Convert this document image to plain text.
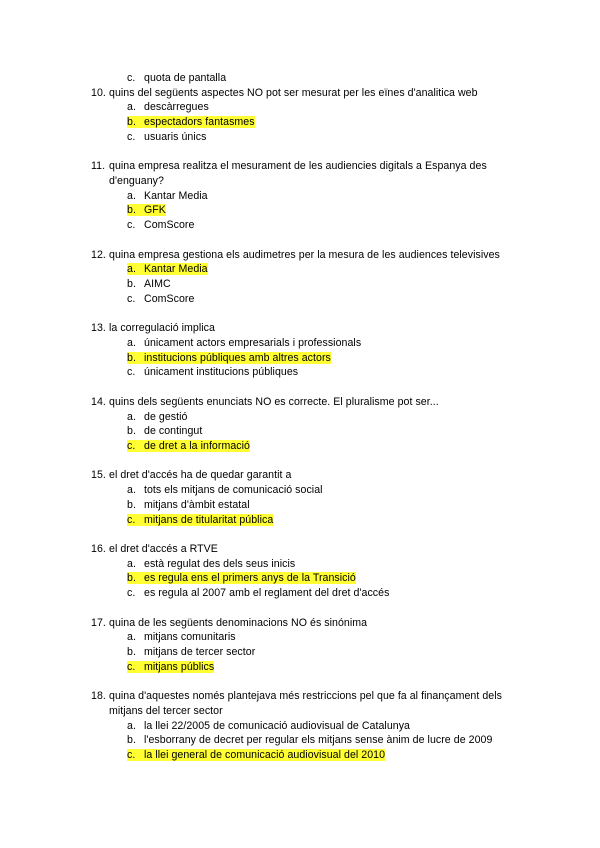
c. quota de pantalla
10. quins del següents aspectes NO pot ser mesurat per les eïnes d'analitica web
a. descàrregues
b. espectadors fantasmes
c. usuaris únics
11. quina empresa realitza el mesurament de les audiencies digitals a Espanya des
d'enguany?
a. Kantar Media
b. GFK
c. ComScore
12. quina empresa gestiona els audimetres per la mesura de les audiences televisives
a. Kantar Media
b. AIMC
c. ComScore
13. la corregulació implica
a. únicament actors empresarials i professionals
b. institucions públiques amb altres actors
c. únicament institucions públiques
14. quins dels següents enunciats NO es correcte. El pluralisme pot ser...
a. de gestió
b. de contingut
c. de dret a la informació
15. el dret d'accés ha de quedar garantit a
a. tots els mitjans de comunicació social
b. mitjans d'àmbit estatal
c. mitjans de titularitat pública
16. el dret d'accés a RTVE
a. està regulat des dels seus inicis
b. es regula ens el primers anys de la Transició
c. es regula al 2007 amb el reglament del dret d'accés
17. quina de les següents denominacions NO és sinónima
a. mitjans comunitaris
b. mitjans de tercer sector
c. mitjans públics
18. quina d'aquestes només plantejava més restriccions pel que fa al finançament dels
mitjans del tercer sector
a. la llei 22/2005 de comunicació audiovisual de Catalunya
b. l'esborrany de decret per regular els mitjans sense ànim de lucre de 2009
c. la llei general de comunicació audiovisual del 2010
